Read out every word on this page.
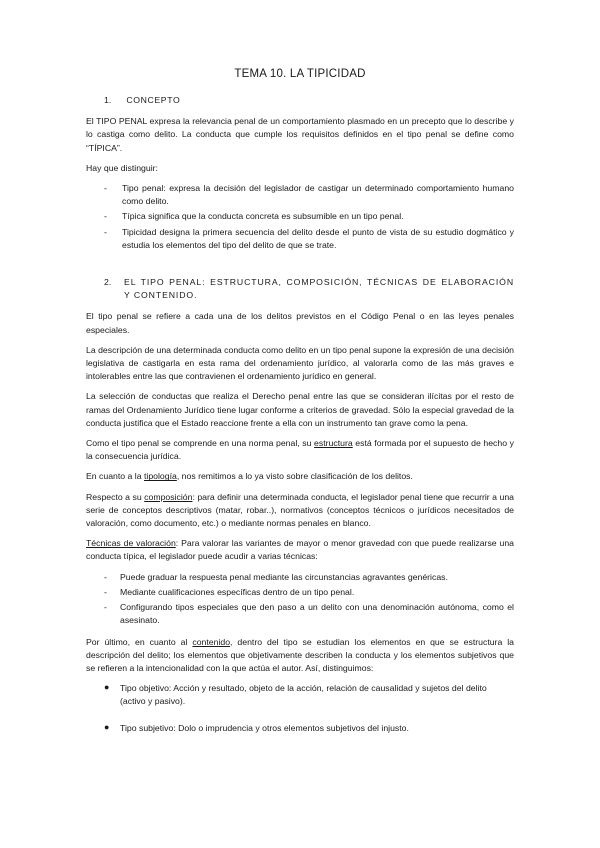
TEMA 10. LA TIPICIDAD
1. CONCEPTO

El TIPO PENAL expresa la relevancia penal de un comportamiento plasmado en un precepto que lo describe y lo castiga como delito. La conducta que cumple los requisitos definidos en el tipo penal se define como “TÍPICA”.

Hay que distinguir:

- Tipo penal: expresa la decisión del legislador de castigar un determinado comportamiento humano como delito.
- Típica significa que la conducta concreta es subsumible en un tipo penal.
- Tipicidad designa la primera secuencia del delito desde el punto de vista de su estudio dogmático y estudia los elementos del tipo del delito de que se trate.
2.	EL TIPO PENAL: ESTRUCTURA, COMPOSICIÓN, TÉCNICAS DE ELABORACIÓN Y CONTENIDO.

El tipo penal se refiere a cada una de los delitos previstos en el Código Penal o en las leyes penales especiales.

La descripción de una determinada conducta como delito en un tipo penal supone la expresión de una decisión legislativa de castigarla en esta rama del ordenamiento jurídico, al valorarla como de las más graves e intolerables entre las que contravienen el ordenamiento jurídico en general.

La selección de conductas que realiza el Derecho penal entre las que se consideran ilícitas por el resto de ramas del Ordenamiento Jurídico tiene lugar conforme a criterios de gravedad. Sólo la especial gravedad de la conducta justifica que el Estado reaccione frente a ella con un instrumento tan grave como la pena.

Como el tipo penal se comprende en una norma penal, su estructura está formada por el supuesto de hecho y la consecuencia jurídica.

En cuanto a la tipología, nos remitimos a lo ya visto sobre clasificación de los delitos.

Respecto a su composición: para definir una determinada conducta, el legislador penal tiene que recurrir a una serie de conceptos descriptivos (matar, robar..), normativos (conceptos técnicos o jurídicos necesitados de valoración, como documento, etc.) o mediante normas penales en blanco.

Técnicas de valoración: Para valorar las variantes de mayor o menor gravedad con que puede realizarse una conducta típica, el legislador puede acudir a varias técnicas:

- Puede graduar la respuesta penal mediante las circunstancias agravantes genéricas.
- Mediante cualificaciones específicas dentro de un tipo penal.
- Configurando tipos especiales que den paso a un delito con una denominación autónoma, como el asesinato.

Por último, en cuanto al contenido, dentro del tipo se estudian los elementos en que se estructura la descripción del delito; los elementos que objetivamente describen la conducta y los elementos subjetivos que se refieren a la intencionalidad con la que actúa el autor. Así, distinguimos:

● Tipo objetivo: Acción y resultado, objeto de la acción, relación de causalidad y sujetos del delito (activo y pasivo).
● Tipo subjetivo: Dolo o imprudencia y otros elementos subjetivos del injusto.
